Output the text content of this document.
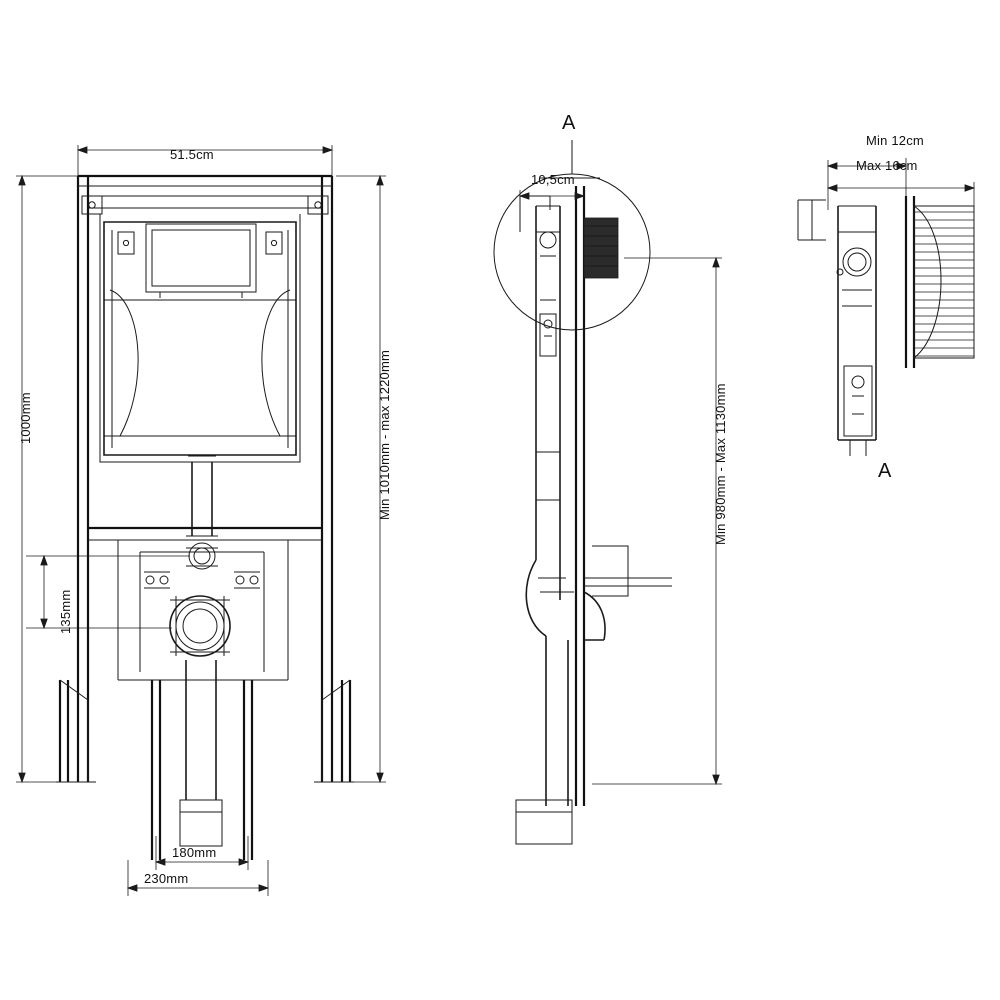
51.5cm
1000mm	Min 1010mm - max 1220mm
135mm
180mm
230mm
10,5cm
Min 980mm - Max 1130mm
Min 12cm
Max 16cm
A
A
